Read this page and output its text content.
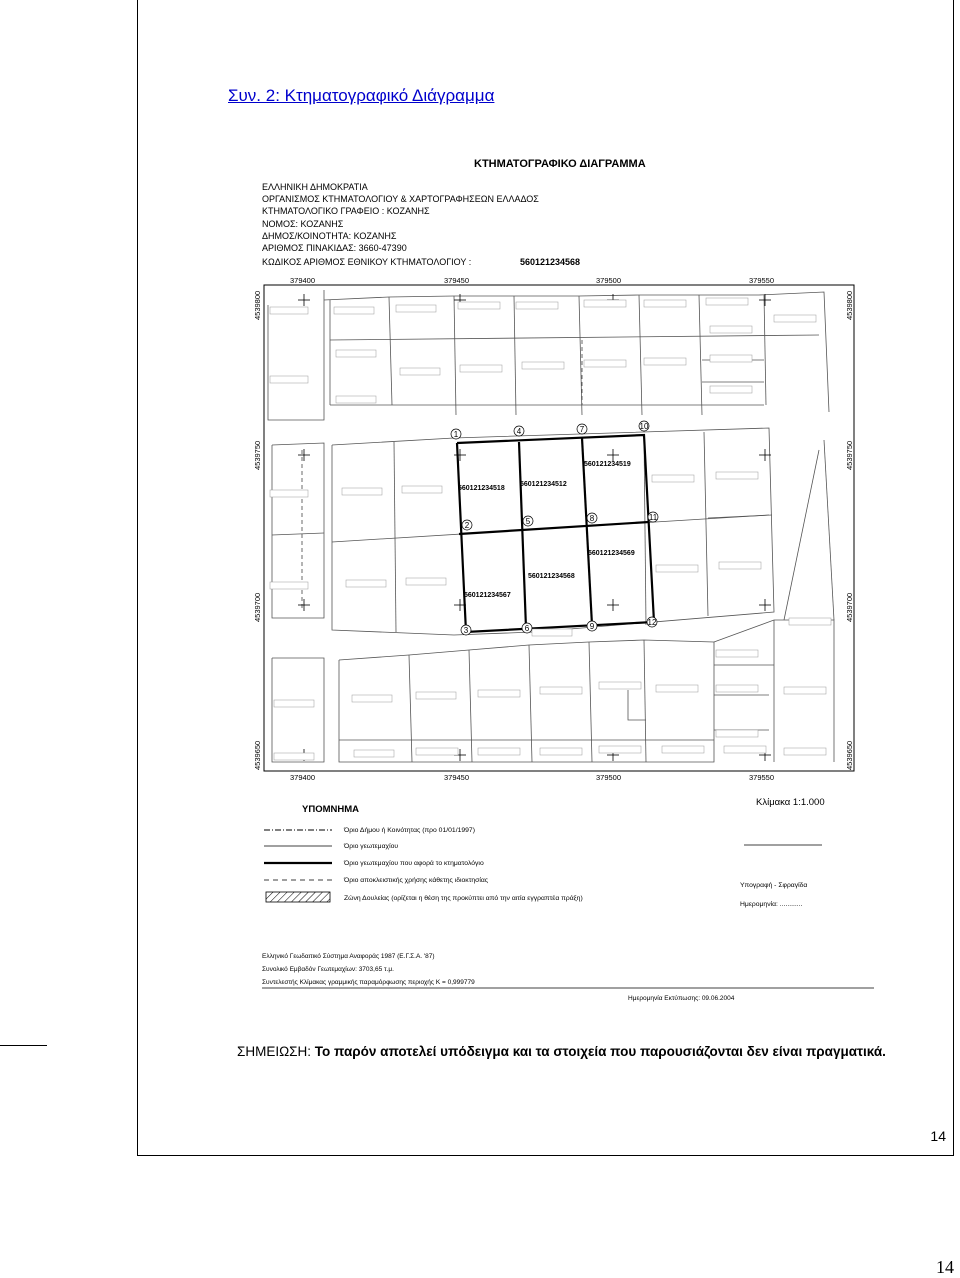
Συν. 2: Κτηματογραφικό Διάγραμμα
ΚΤΗΜΑΤΟΓΡΑΦΙΚΟ ΔΙΑΓΡΑΜΜΑ
ΕΛΛΗΝΙΚΗ ΔΗΜΟΚΡΑΤΙΑ
ΟΡΓΑΝΙΣΜΟΣ ΚΤΗΜΑΤΟΛΟΓΙΟΥ & ΧΑΡΤΟΓΡΑΦΗΣΕΩΝ ΕΛΛΑΔΟΣ
ΚΤΗΜΑΤΟΛΟΓΙΚΟ ΓΡΑΦΕΙΟ : ΚΟΖΑΝΗΣ
ΝΟΜΟΣ: ΚΟΖΑΝΗΣ
ΔΗΜΟΣ/ΚΟΙΝΟΤΗΤΑ: ΚΟΖΑΝΗΣ
ΑΡΙΘΜΟΣ ΠΙΝΑΚΙΔΑΣ: 3660-47390
ΚΩΔΙΚΟΣ ΑΡΙΘΜΟΣ ΕΘΝΙΚΟΥ ΚΤΗΜΑΤΟΛΟΓΙΟΥ :	560121234568
379400	379450	379500	379550
379400	379450	379500	379550
4539800
4539750
4539700
4539650
4539800
4539750
4539700
4539650
560121234519
560121234518
560121234512
560121234569
560121234568
560121234567
1	4	7	10
2	5	8	11
3	6	9	12
ΥΠΟΜΝΗΜΑ
Κλίμακα 1:1.000
Όριο Δήμου ή Κοινότητας (προ 01/01/1997)
Όριο γεωτεμαχίου
Όριο γεωτεμαχίου που αφορά το κτηματολόγιο
Όριο αποκλειστικής χρήσης κάθετης ιδιοκτησίας
Ζώνη Δουλείας (ορίζεται η θέση της προκύπτει από την αιτία εγγραπτέα πράξη)
Υπογραφή - Σφραγίδα
Ημερομηνία: ............
Ελληνικό Γεωδαιτικό Σύστημα Αναφοράς 1987 (Ε.Γ.Σ.Α. '87)
Συνολικό Εμβαδόν Γεωτεμαχίων: 3703,65 τ.μ.
Συντελεστής Κλίμακας γραμμικής παραμόρφωσης περιοχής Κ = 0,999779
Ημερομηνία Εκτύπωσης: 09.06.2004
ΣΗΜΕΙΩΣΗ: Το παρόν αποτελεί υπόδειγμα και τα στοιχεία που παρουσιάζονται δεν είναι πραγματικά.
14
14
